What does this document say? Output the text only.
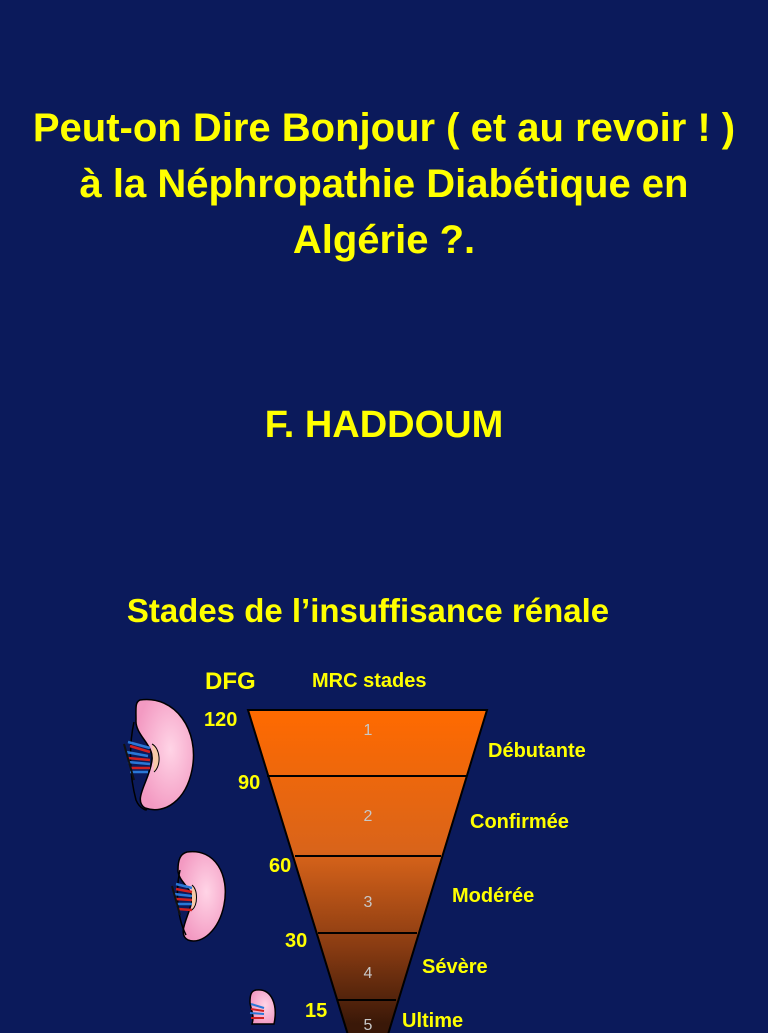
Peut-on Dire Bonjour ( et au revoir ! ) à la Néphropathie Diabétique en Algérie ?.
F. HADDOUM
Stades de l’insuffisance rénale
DFG	MRC stades
120
90
60
30
15
Débutante
Confirmée
Modérée
Sévère
Ultime
1
2
3
4
5
